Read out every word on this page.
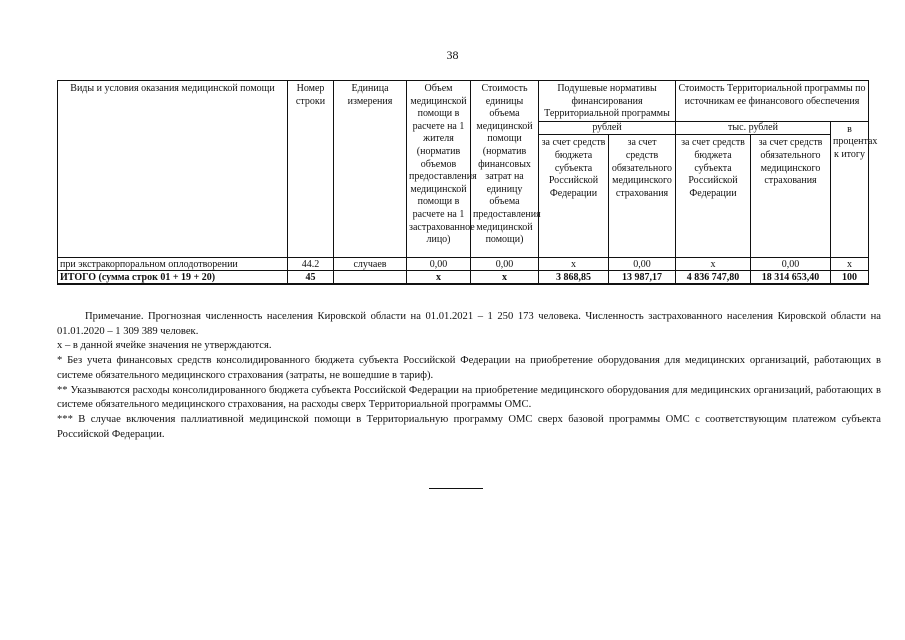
38
Виды и условия оказания медицинской помощи	Номер строки	Единица измерения	Объем медицинской помощи в расчете на 1 жителя (норматив объемов предоставления медицинской помощи в расчете на 1 застрахованное лицо)	Стоимость единицы объема медицинской помощи (норматив финансовых затрат на единицу объема предоставления медицинской помощи)	Подушевые нормативы финансирования Территориальной программы		Стоимость Территориальной программы по источникам ее финансового обеспечения		
					рублей		тыс. рублей		в процентах к итогу
					за счет средств бюджета субъекта Российской Федерации	за счет средств обязательного медицинского страхования	за счет средств бюджета субъекта Российской Федерации	за счет средств обязательного медицинского страхования	
при экстракорпоральном оплодотворении	44.2	случаев	0,00	0,00	х	0,00	х	0,00	х
ИТОГО (сумма строк 01 + 19 + 20)	45		х	х	3 868,85	13 987,17	4 836 747,80	18 314 653,40	100

Примечание. Прогнозная численность населения Кировской области на 01.01.2021 – 1 250 173 человека. Численность застрахованного населения Кировской области на 01.01.2020 – 1 309 389 человек.

х – в данной ячейке значения не утверждаются.

* Без учета финансовых средств консолидированного бюджета субъекта Российской Федерации на приобретение оборудования для медицинских организаций, работающих в системе обязательного медицинского страхования (затраты, не вошедшие в тариф).

** Указываются расходы консолидированного бюджета субъекта Российской Федерации на приобретение медицинского оборудования для медицинских организаций, работающих в системе обязательного медицинского страхования, на расходы сверх Территориальной программы ОМС.

*** В случае включения паллиативной медицинской помощи в Территориальную программу ОМС сверх базовой программы ОМС с соответствующим платежом субъекта Российской Федерации.
